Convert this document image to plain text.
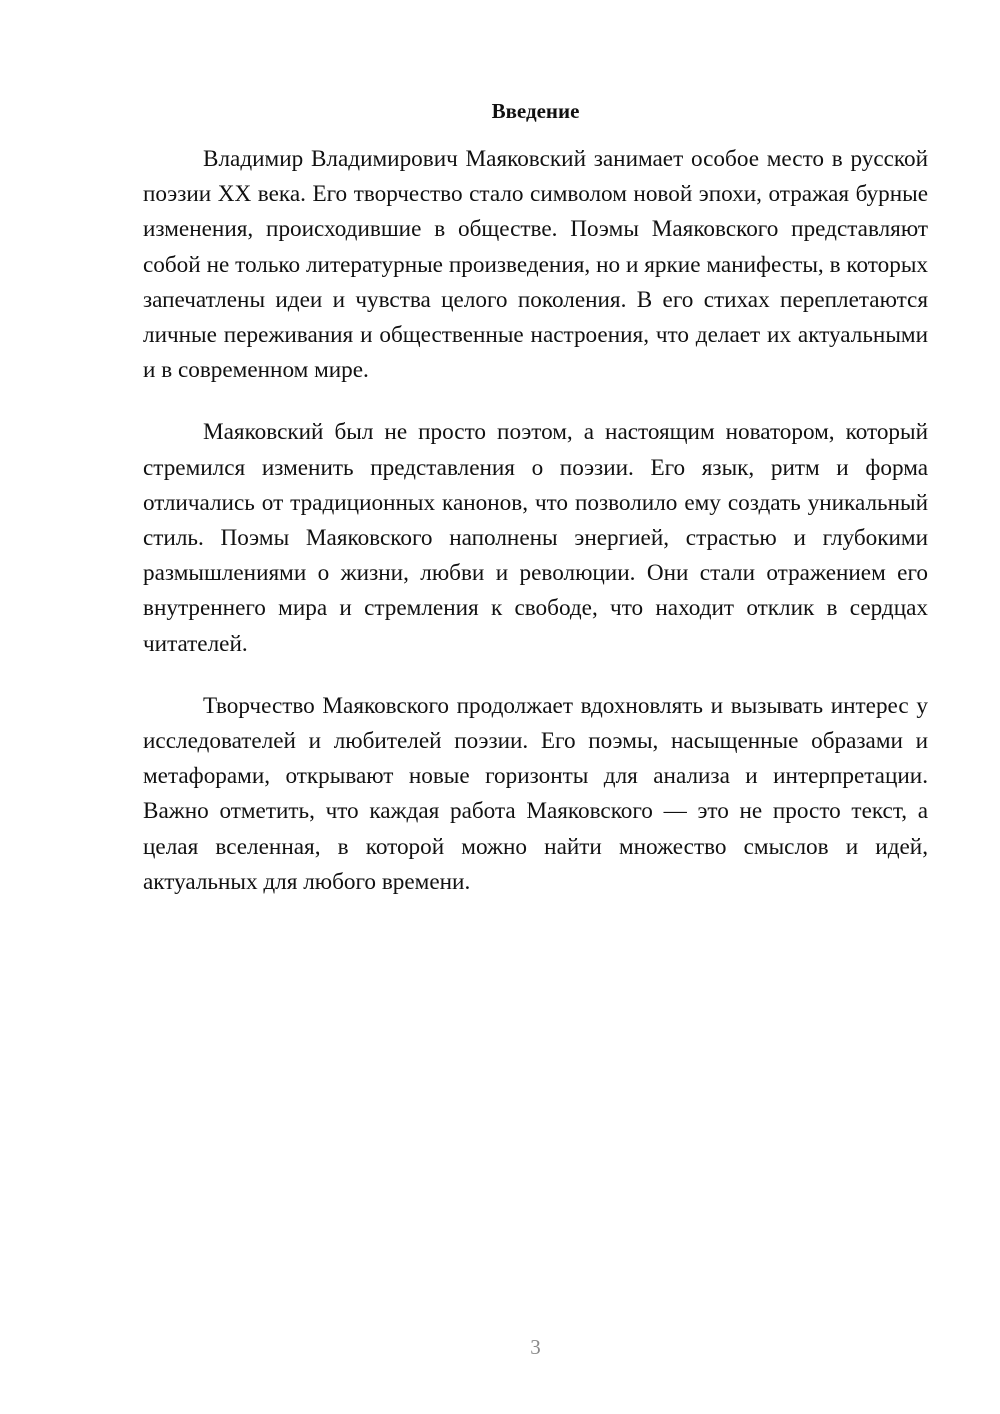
Введение

Владимир Владимирович Маяковский занимает особое место в русской поэзии XX века. Его творчество стало символом новой эпохи, отражая бурные изменения, происходившие в обществе. Поэмы Маяковского представляют собой не только литературные произведения, но и яркие манифесты, в которых запечатлены идеи и чувства целого поколения. В его стихах переплетаются личные переживания и общественные настроения, что делает их актуальными и в современном мире.

Маяковский был не просто поэтом, а настоящим новатором, который стремился изменить представления о поэзии. Его язык, ритм и форма отличались от традиционных канонов, что позволило ему создать уникальный стиль. Поэмы Маяковского наполнены энергией, страстью и глубокими размышлениями о жизни, любви и революции. Они стали отражением его внутреннего мира и стремления к свободе, что находит отклик в сердцах читателей.

Творчество Маяковского продолжает вдохновлять и вызывать интерес у исследователей и любителей поэзии. Его поэмы, насыщенные образами и метафорами, открывают новые горизонты для анализа и интерпретации. Важно отметить, что каждая работа Маяковского — это не просто текст, а целая вселенная, в которой можно найти множество смыслов и идей, актуальных для любого времени.

3
